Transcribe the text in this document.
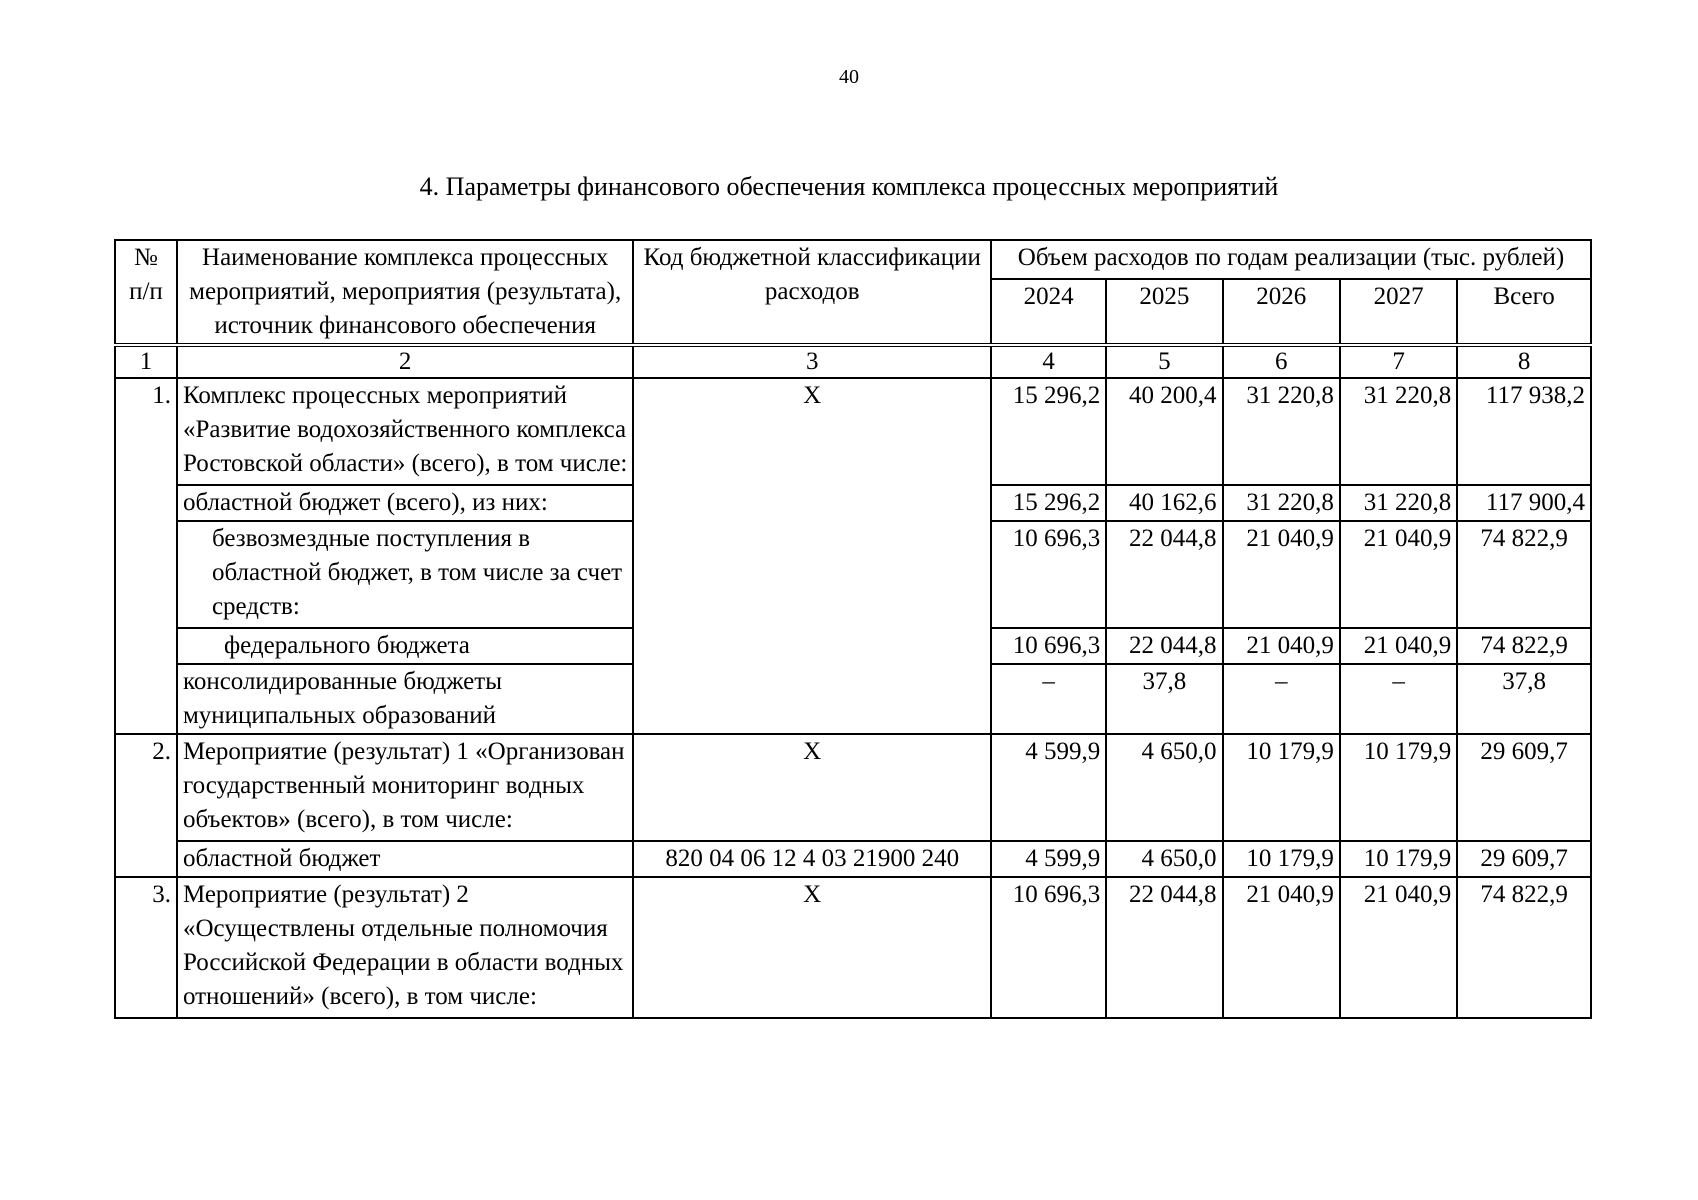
40
4. Параметры финансового обеспечения комплекса процессных мероприятий
№ п/п	Наименование комплекса процессных мероприятий, мероприятия (результата), источник финансового обеспечения	Код бюджетной классификации расходов	Объем расходов по годам реализации (тыс. рублей)				
			2024	2025	2026	2027	Всего
1	2	3	4	5	6	7	8
1.	Комплекс процессных мероприятий «Развитие водохозяйственного комплекса Ростовской области» (всего), в том числе:	X	15 296,2	40 200,4	31 220,8	31 220,8	117 938,2
	областной бюджет (всего), из них:		15 296,2	40 162,6	31 220,8	31 220,8	117 900,4
	безвозмездные поступления в областной бюджет, в том числе за счет средств:		10 696,3	22 044,8	21 040,9	21 040,9	74 822,9
	федерального бюджета		10 696,3	22 044,8	21 040,9	21 040,9	74 822,9
	консолидированные бюджеты муниципальных образований		–	37,8	–	–	37,8
2.	Мероприятие (результат) 1 «Организован государственный мониторинг водных объектов» (всего), в том числе:	X	4 599,9	4 650,0	10 179,9	10 179,9	29 609,7
	областной бюджет	820 04 06 12 4 03 21900 240	4 599,9	4 650,0	10 179,9	10 179,9	29 609,7
3.	Мероприятие (результат) 2 «Осуществлены отдельные полномочия Российской Федерации в области водных отношений» (всего), в том числе:	X	10 696,3	22 044,8	21 040,9	21 040,9	74 822,9
